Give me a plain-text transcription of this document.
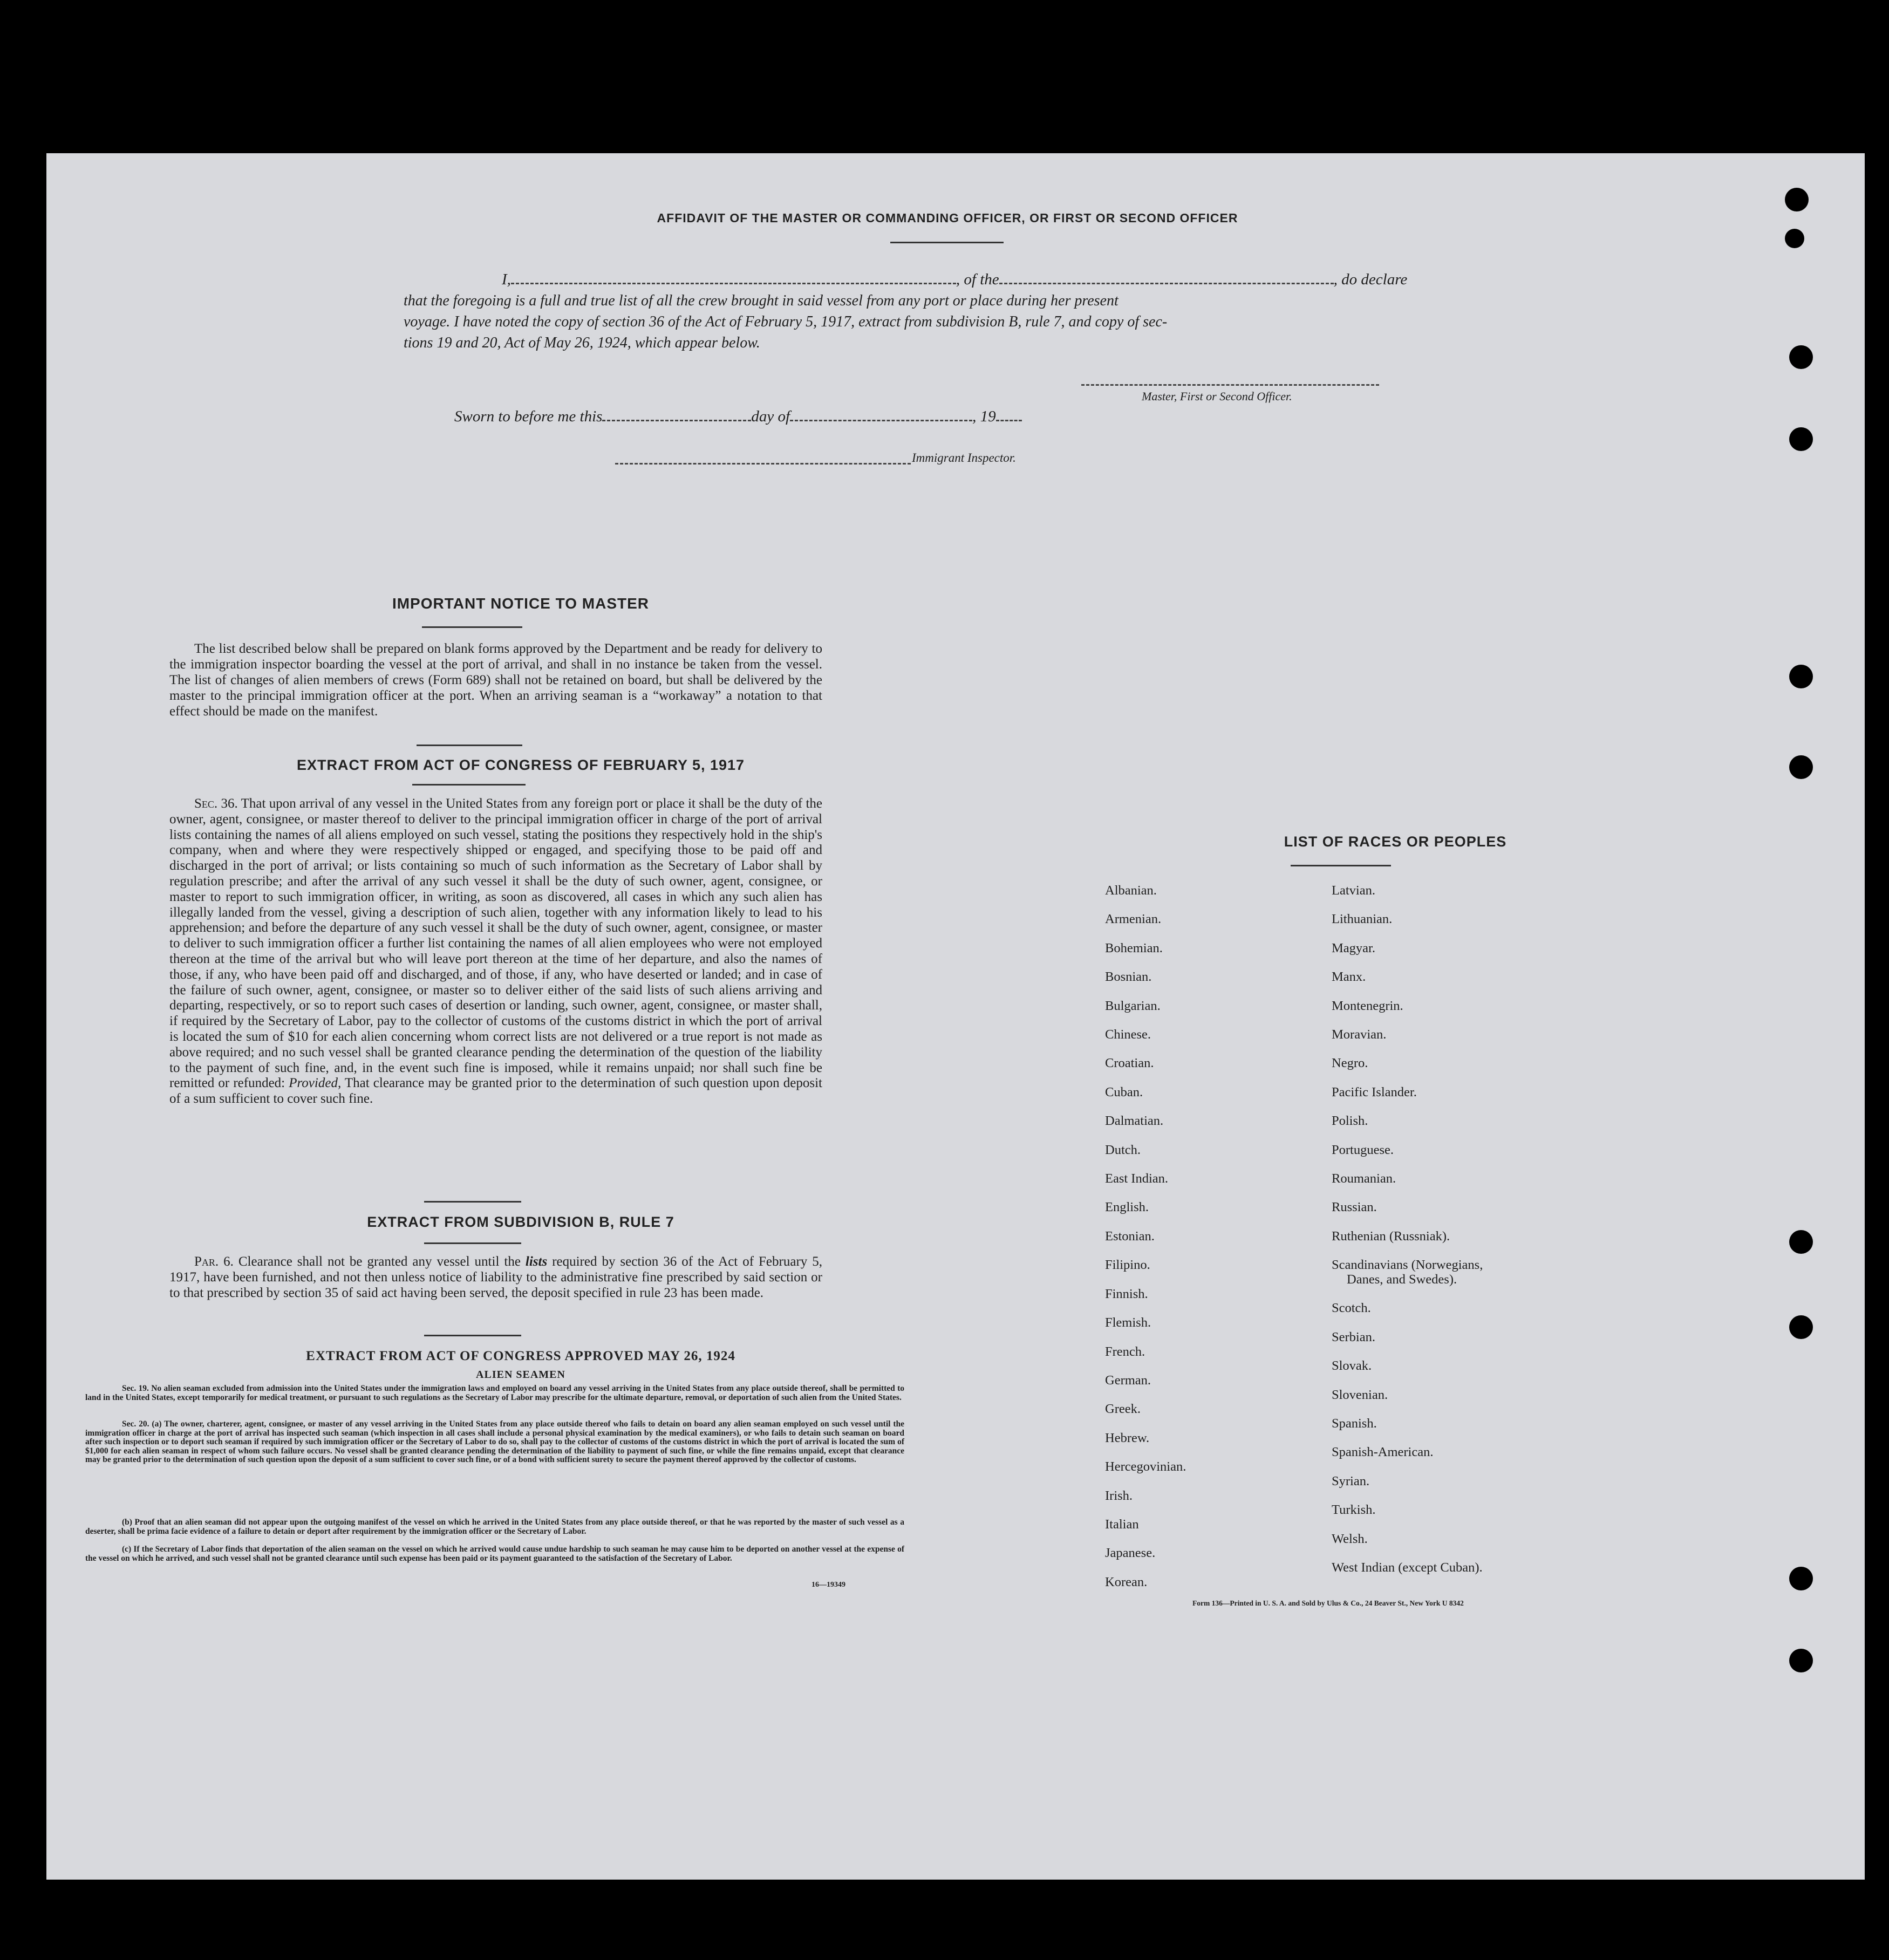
AFFIDAVIT OF THE MASTER OR COMMANDING OFFICER, OR FIRST OR SECOND OFFICER
I,	, of the	, do declare
that the foregoing is a full and true list of all the crew brought in said vessel from any port or place during her present
voyage. I have noted the copy of section 36 of the Act of February 5, 1917, extract from subdivision B, rule 7, and copy of sec-
tions 19 and 20, Act of May 26, 1924, which appear below.
Master, First or Second Officer.
Sworn to before me this	day of	, 19
Immigrant Inspector.
IMPORTANT NOTICE TO MASTER
The list described below shall be prepared on blank forms approved by the Department and be ready for delivery to the immigration inspector boarding the vessel at the port of arrival, and shall in no instance be taken from the vessel. The list of changes of alien members of crews (Form 689) shall not be retained on board, but shall be delivered by the master to the principal immigration officer at the port. When an arriving seaman is a “workaway” a notation to that effect should be made on the manifest.
EXTRACT FROM ACT OF CONGRESS OF FEBRUARY 5, 1917
Sec. 36. That upon arrival of any vessel in the United States from any foreign port or place it shall be the duty of the owner, agent, consignee, or master thereof to deliver to the principal immigration officer in charge of the port of arrival lists containing the names of all aliens employed on such vessel, stating the positions they respectively hold in the ship's company, when and where they were respectively shipped or engaged, and specifying those to be paid off and discharged in the port of arrival; or lists containing so much of such information as the Secretary of Labor shall by regulation prescribe; and after the arrival of any such vessel it shall be the duty of such owner, agent, consignee, or master to report to such immigration officer, in writing, as soon as discovered, all cases in which any such alien has illegally landed from the vessel, giving a description of such alien, together with any information likely to lead to his apprehension; and before the departure of any such vessel it shall be the duty of such owner, agent, consignee, or master to deliver to such immigration officer a further list containing the names of all alien employees who were not employed thereon at the time of the arrival but who will leave port thereon at the time of her departure, and also the names of those, if any, who have been paid off and discharged, and of those, if any, who have deserted or landed; and in case of the failure of such owner, agent, consignee, or master so to deliver either of the said lists of such aliens arriving and departing, respectively, or so to report such cases of desertion or landing, such owner, agent, consignee, or master shall, if required by the Secretary of Labor, pay to the collector of customs of the customs district in which the port of arrival is located the sum of $10 for each alien concerning whom correct lists are not delivered or a true report is not made as above required; and no such vessel shall be granted clearance pending the determination of the question of the liability to the payment of such fine, and, in the event such fine is imposed, while it remains unpaid; nor shall such fine be remitted or refunded: Provided, That clearance may be granted prior to the determination of such question upon deposit of a sum sufficient to cover such fine.
EXTRACT FROM SUBDIVISION B, RULE 7
Par. 6. Clearance shall not be granted any vessel until the lists required by section 36 of the Act of February 5, 1917, have been furnished, and not then unless notice of liability to the administrative fine prescribed by said section or to that prescribed by section 35 of said act having been served, the deposit specified in rule 23 has been made.
EXTRACT FROM ACT OF CONGRESS APPROVED MAY 26, 1924
ALIEN SEAMEN
Sec. 19. No alien seaman excluded from admission into the United States under the immigration laws and employed on board any vessel arriving in the United States from any place outside thereof, shall be permitted to land in the United States, except temporarily for medical treatment, or pursuant to such regulations as the Secretary of Labor may prescribe for the ultimate departure, removal, or deportation of such alien from the United States.
Sec. 20. (a) The owner, charterer, agent, consignee, or master of any vessel arriving in the United States from any place outside thereof who fails to detain on board any alien seaman employed on such vessel until the immigration officer in charge at the port of arrival has inspected such seaman (which inspection in all cases shall include a personal physical examination by the medical examiners), or who fails to detain such seaman on board after such inspection or to deport such seaman if required by such immigration officer or the Secretary of Labor to do so, shall pay to the collector of customs of the customs district in which the port of arrival is located the sum of $1,000 for each alien seaman in respect of whom such failure occurs. No vessel shall be granted clearance pending the determination of the liability to payment of such fine, or while the fine remains unpaid, except that clearance may be granted prior to the determination of such question upon the deposit of a sum sufficient to cover such fine, or of a bond with sufficient surety to secure the payment thereof approved by the collector of customs.
(b) Proof that an alien seaman did not appear upon the outgoing manifest of the vessel on which he arrived in the United States from any place outside thereof, or that he was reported by the master of such vessel as a deserter, shall be prima facie evidence of a failure to detain or deport after requirement by the immigration officer or the Secretary of Labor.
(c) If the Secretary of Labor finds that deportation of the alien seaman on the vessel on which he arrived would cause undue hardship to such seaman he may cause him to be deported on another vessel at the expense of the vessel on which he arrived, and such vessel shall not be granted clearance until such expense has been paid or its payment guaranteed to the satisfaction of the Secretary of Labor.
16—19349
LIST OF RACES OR PEOPLES
Albanian.
Armenian.
Bohemian.
Bosnian.
Bulgarian.
Chinese.
Croatian.
Cuban.
Dalmatian.
Dutch.
East Indian.
English.
Estonian.
Filipino.
Finnish.
Flemish.
French.
German.
Greek.
Hebrew.
Hercegovinian.
Irish.
Italian
Japanese.
Korean.
Latvian.
Lithuanian.
Magyar.
Manx.
Montenegrin.
Moravian.
Negro.
Pacific Islander.
Polish.
Portuguese.
Roumanian.
Russian.
Ruthenian (Russniak).
Scandinavians (Norwegians,
Danes, and Swedes).
Scotch.
Serbian.
Slovak.
Slovenian.
Spanish.
Spanish-American.
Syrian.
Turkish.
Welsh.
West Indian (except Cuban).
Form 136—Printed in U. S. A. and Sold by Ulus & Co., 24 Beaver St., New York U 8342
